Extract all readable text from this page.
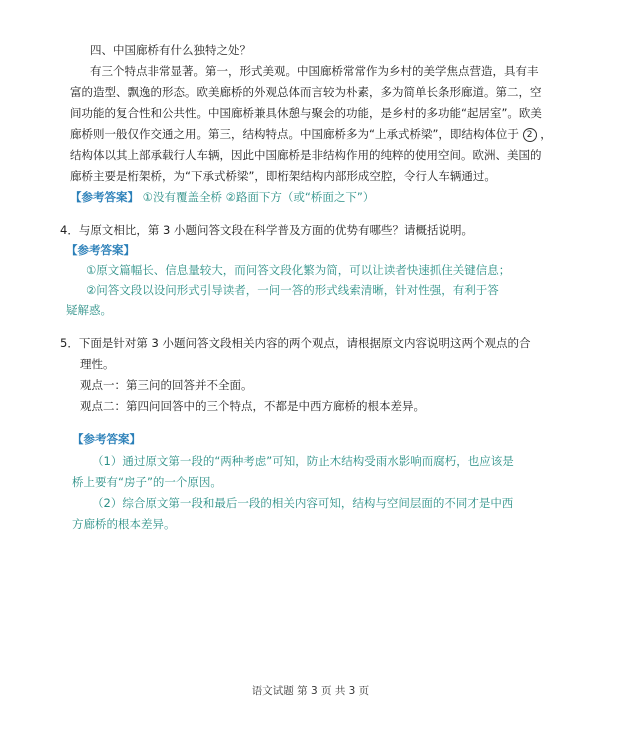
四、中国廊桥有什么独特之处？
有三个特点非常显著。第一，形式美观。中国廊桥常常作为乡村的美学焦点营造，具有丰
富的造型、飘逸的形态。欧美廊桥的外观总体而言较为朴素，多为简单长条形廊道。第二，空
间功能的复合性和公共性。中国廊桥兼具休憩与聚会的功能，是乡村的多功能“起居室”。欧美
廊桥则一般仅作交通之用。第三，结构特点。中国廊桥多为“上承式桥梁”，即结构体位于 2 ，
结构体以其上部承载行人车辆，因此中国廊桥是非结构作用的纯粹的使用空间。欧洲、美国的
廊桥主要是桁架桥，为“下承式桥梁”，即桁架结构内部形成空腔，令行人车辆通过。
【参考答案】 ①没有覆盖全桥 ②路面下方（或“桥面之下”）
4．与原文相比，第 3 小题问答文段在科学普及方面的优势有哪些？请概括说明。
【参考答案】
①原文篇幅长、信息量较大，而问答文段化繁为简，可以让读者快速抓住关键信息；
②问答文段以设问形式引导读者，一问一答的形式线索清晰，针对性强，有利于答
疑解惑。
5．下面是针对第 3 小题问答文段相关内容的两个观点，请根据原文内容说明这两个观点的合
理性。
观点一：第三问的回答并不全面。
观点二：第四问回答中的三个特点，不都是中西方廊桥的根本差异。
【参考答案】
（1）通过原文第一段的“两种考虑”可知，防止木结构受雨水影响而腐朽，也应该是
桥上要有“房子”的一个原因。
（2）综合原文第一段和最后一段的相关内容可知，结构与空间层面的不同才是中西
方廊桥的根本差异。
语文试题 第 3 页 共 3 页
